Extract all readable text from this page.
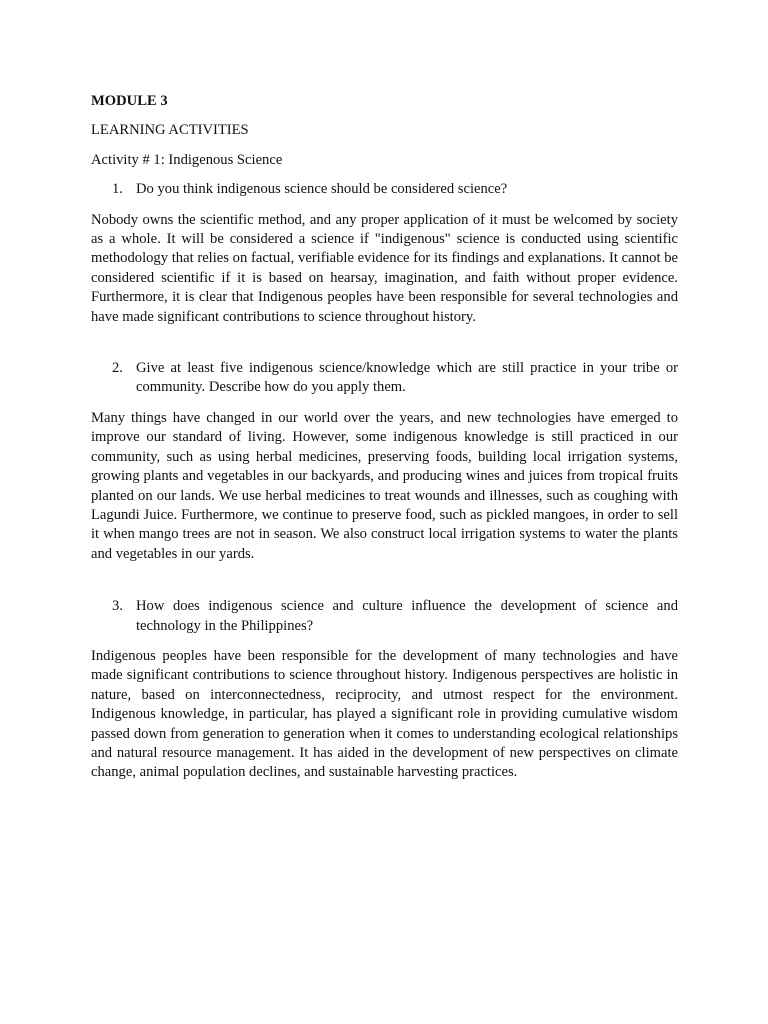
MODULE 3
LEARNING ACTIVITIES
Activity # 1: Indigenous Science
1. Do you think indigenous science should be considered science?

Nobody owns the scientific method, and any proper application of it must be welcomed by society as a whole. It will be considered a science if "indigenous" science is conducted using scientific methodology that relies on factual, verifiable evidence for its findings and explanations. It cannot be considered scientific if it is based on hearsay, imagination, and faith without proper evidence. Furthermore, it is clear that Indigenous peoples have been responsible for several technologies and have made significant contributions to science throughout history.

2. Give at least five indigenous science/knowledge which are still practice in your tribe or community. Describe how do you apply them.

Many things have changed in our world over the years, and new technologies have emerged to improve our standard of living. However, some indigenous knowledge is still practiced in our community, such as using herbal medicines, preserving foods, building local irrigation systems, growing plants and vegetables in our backyards, and producing wines and juices from tropical fruits planted on our lands. We use herbal medicines to treat wounds and illnesses, such as coughing with Lagundi Juice. Furthermore, we continue to preserve food, such as pickled mangoes, in order to sell it when mango trees are not in season. We also construct local irrigation systems to water the plants and vegetables in our yards.

3. How does indigenous science and culture influence the development of science and technology in the Philippines?

Indigenous peoples have been responsible for the development of many technologies and have made significant contributions to science throughout history. Indigenous perspectives are holistic in nature, based on interconnectedness, reciprocity, and utmost respect for the environment. Indigenous knowledge, in particular, has played a significant role in providing cumulative wisdom passed down from generation to generation when it comes to understanding ecological relationships and natural resource management. It has aided in the development of new perspectives on climate change, animal population declines, and sustainable harvesting practices.
